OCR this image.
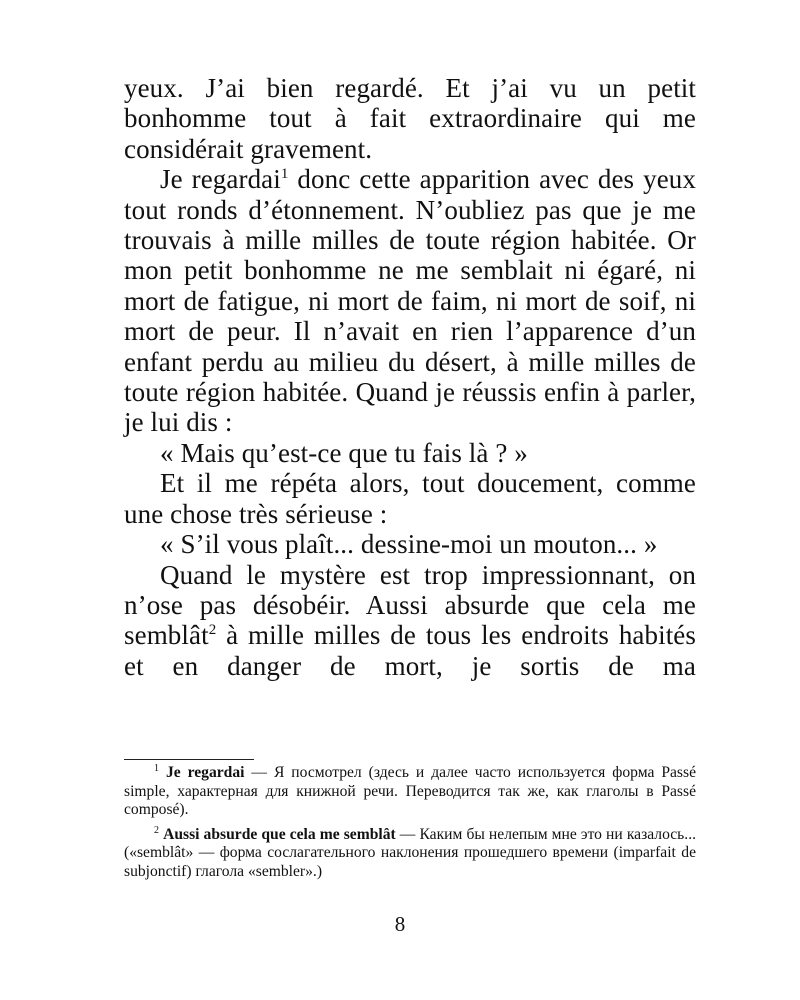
yeux. J’ai bien regardé. Et j’ai vu un petit bonhomme tout à fait extraordinaire qui me considérait gravement.

Je regardai$^1$ donc cette apparition avec des yeux tout ronds d’étonnement. N’oubliez pas que je me trouvais à mille milles de toute région habitée. Or mon petit bonhomme ne me semblait ni égaré, ni mort de fatigue, ni mort de faim, ni mort de soif, ni mort de peur. Il n’avait en rien l’apparence d’un enfant perdu au milieu du désert, à mille milles de toute région habitée. Quand je réussis enfin à parler, je lui dis :

« Mais qu’est-ce que tu fais là ? »

Et il me répéta alors, tout doucement, comme une chose très sérieuse :

« S’il vous plaît... dessine-moi un mouton... »

Quand le mystère est trop impressionnant, on n’ose pas désobéir. Aussi absurde que cela me semblât$^2$ à mille milles de tous les endroits habités et en danger de mort, je sortis de ma

$^1$ Je regardai — Я посмотрел (здесь и далее часто используется форма Passé simple, характерная для книжной речи. Переводится так же, как глаголы в Passé composé).

$^2$ Aussi absurde que cela me semblât — Каким бы нелепым мне это ни казалось... («semblât» — форма сослагательного наклонения прошедшего времени (imparfait de subjonctif) глагола «sembler».)

8
